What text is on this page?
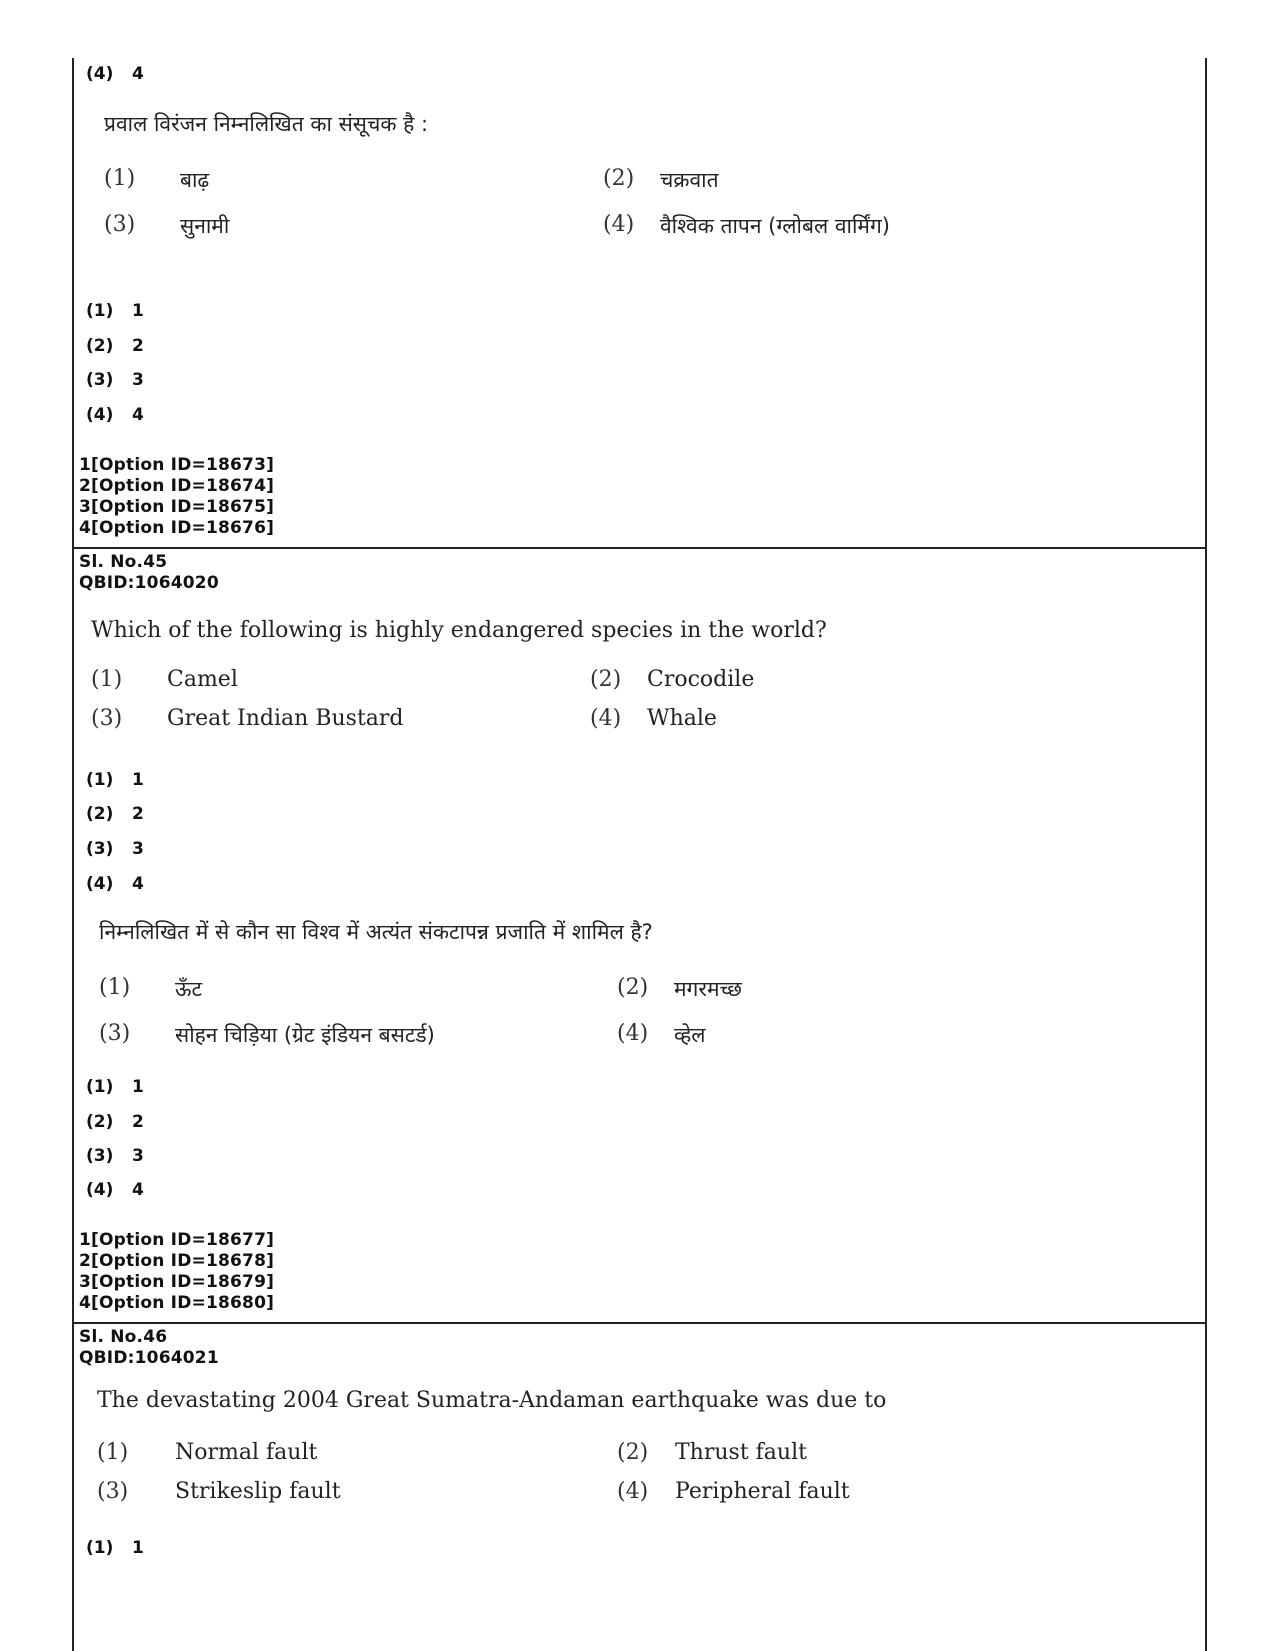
(4) 4
प्रवाल विरंजन निम्नलिखित का संसूचक है :
(1) बाढ़	(2) चक्रवात
(3) सुनामी	(4) वैश्विक तापन (ग्लोबल वार्मिंग)
(1) 1
(2) 2
(3) 3
(4) 4
1[Option ID=18673]
2[Option ID=18674]
3[Option ID=18675]
4[Option ID=18676]
Sl. No.45
QBID:1064020
Which of the following is highly endangered species in the world?
(1) Camel	(2) Crocodile
(3) Great Indian Bustard	(4) Whale
(1) 1
(2) 2
(3) 3
(4) 4
निम्नलिखित में से कौन सा विश्व में अत्यंत संकटापन्न प्रजाति में शामिल है?
(1) ऊँट	(2) मगरमच्छ
(3) सोहन चिड़िया (ग्रेट इंडियन बसटर्ड)	(4) व्हेल
(1) 1
(2) 2
(3) 3
(4) 4
1[Option ID=18677]
2[Option ID=18678]
3[Option ID=18679]
4[Option ID=18680]
Sl. No.46
QBID:1064021
The devastating 2004 Great Sumatra-Andaman earthquake was due to
(1) Normal fault	(2) Thrust fault
(3) Strikeslip fault	(4) Peripheral fault
(1) 1
